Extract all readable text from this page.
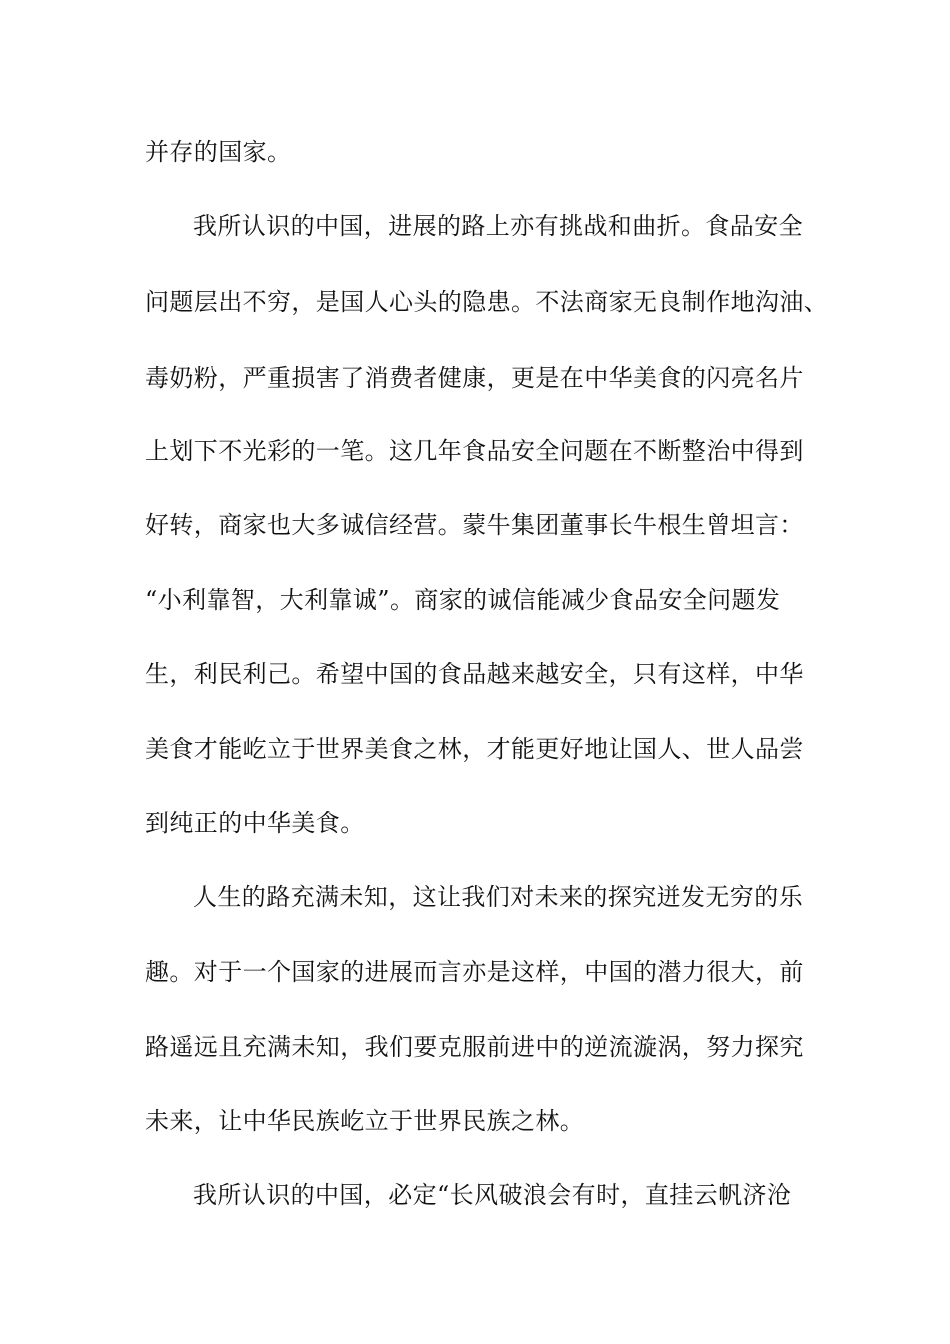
并存的国家。
我所认识的中国，进展的路上亦有挑战和曲折。食品安全
问题层出不穷，是国人心头的隐患。不法商家无良制作地沟油、
毒奶粉，严重损害了消费者健康，更是在中华美食的闪亮名片
上划下不光彩的一笔。这几年食品安全问题在不断整治中得到
好转，商家也大多诚信经营。蒙牛集团董事长牛根生曾坦言：
“小利靠智，大利靠诚”。商家的诚信能减少食品安全问题发
生，利民利己。希望中国的食品越来越安全，只有这样，中华
美食才能屹立于世界美食之林，才能更好地让国人、世人品尝
到纯正的中华美食。
人生的路充满未知，这让我们对未来的探究迸发无穷的乐
趣。对于一个国家的进展而言亦是这样，中国的潜力很大，前
路遥远且充满未知，我们要克服前进中的逆流漩涡，努力探究
未来，让中华民族屹立于世界民族之林。
我所认识的中国，必定“长风破浪会有时，直挂云帆济沧
